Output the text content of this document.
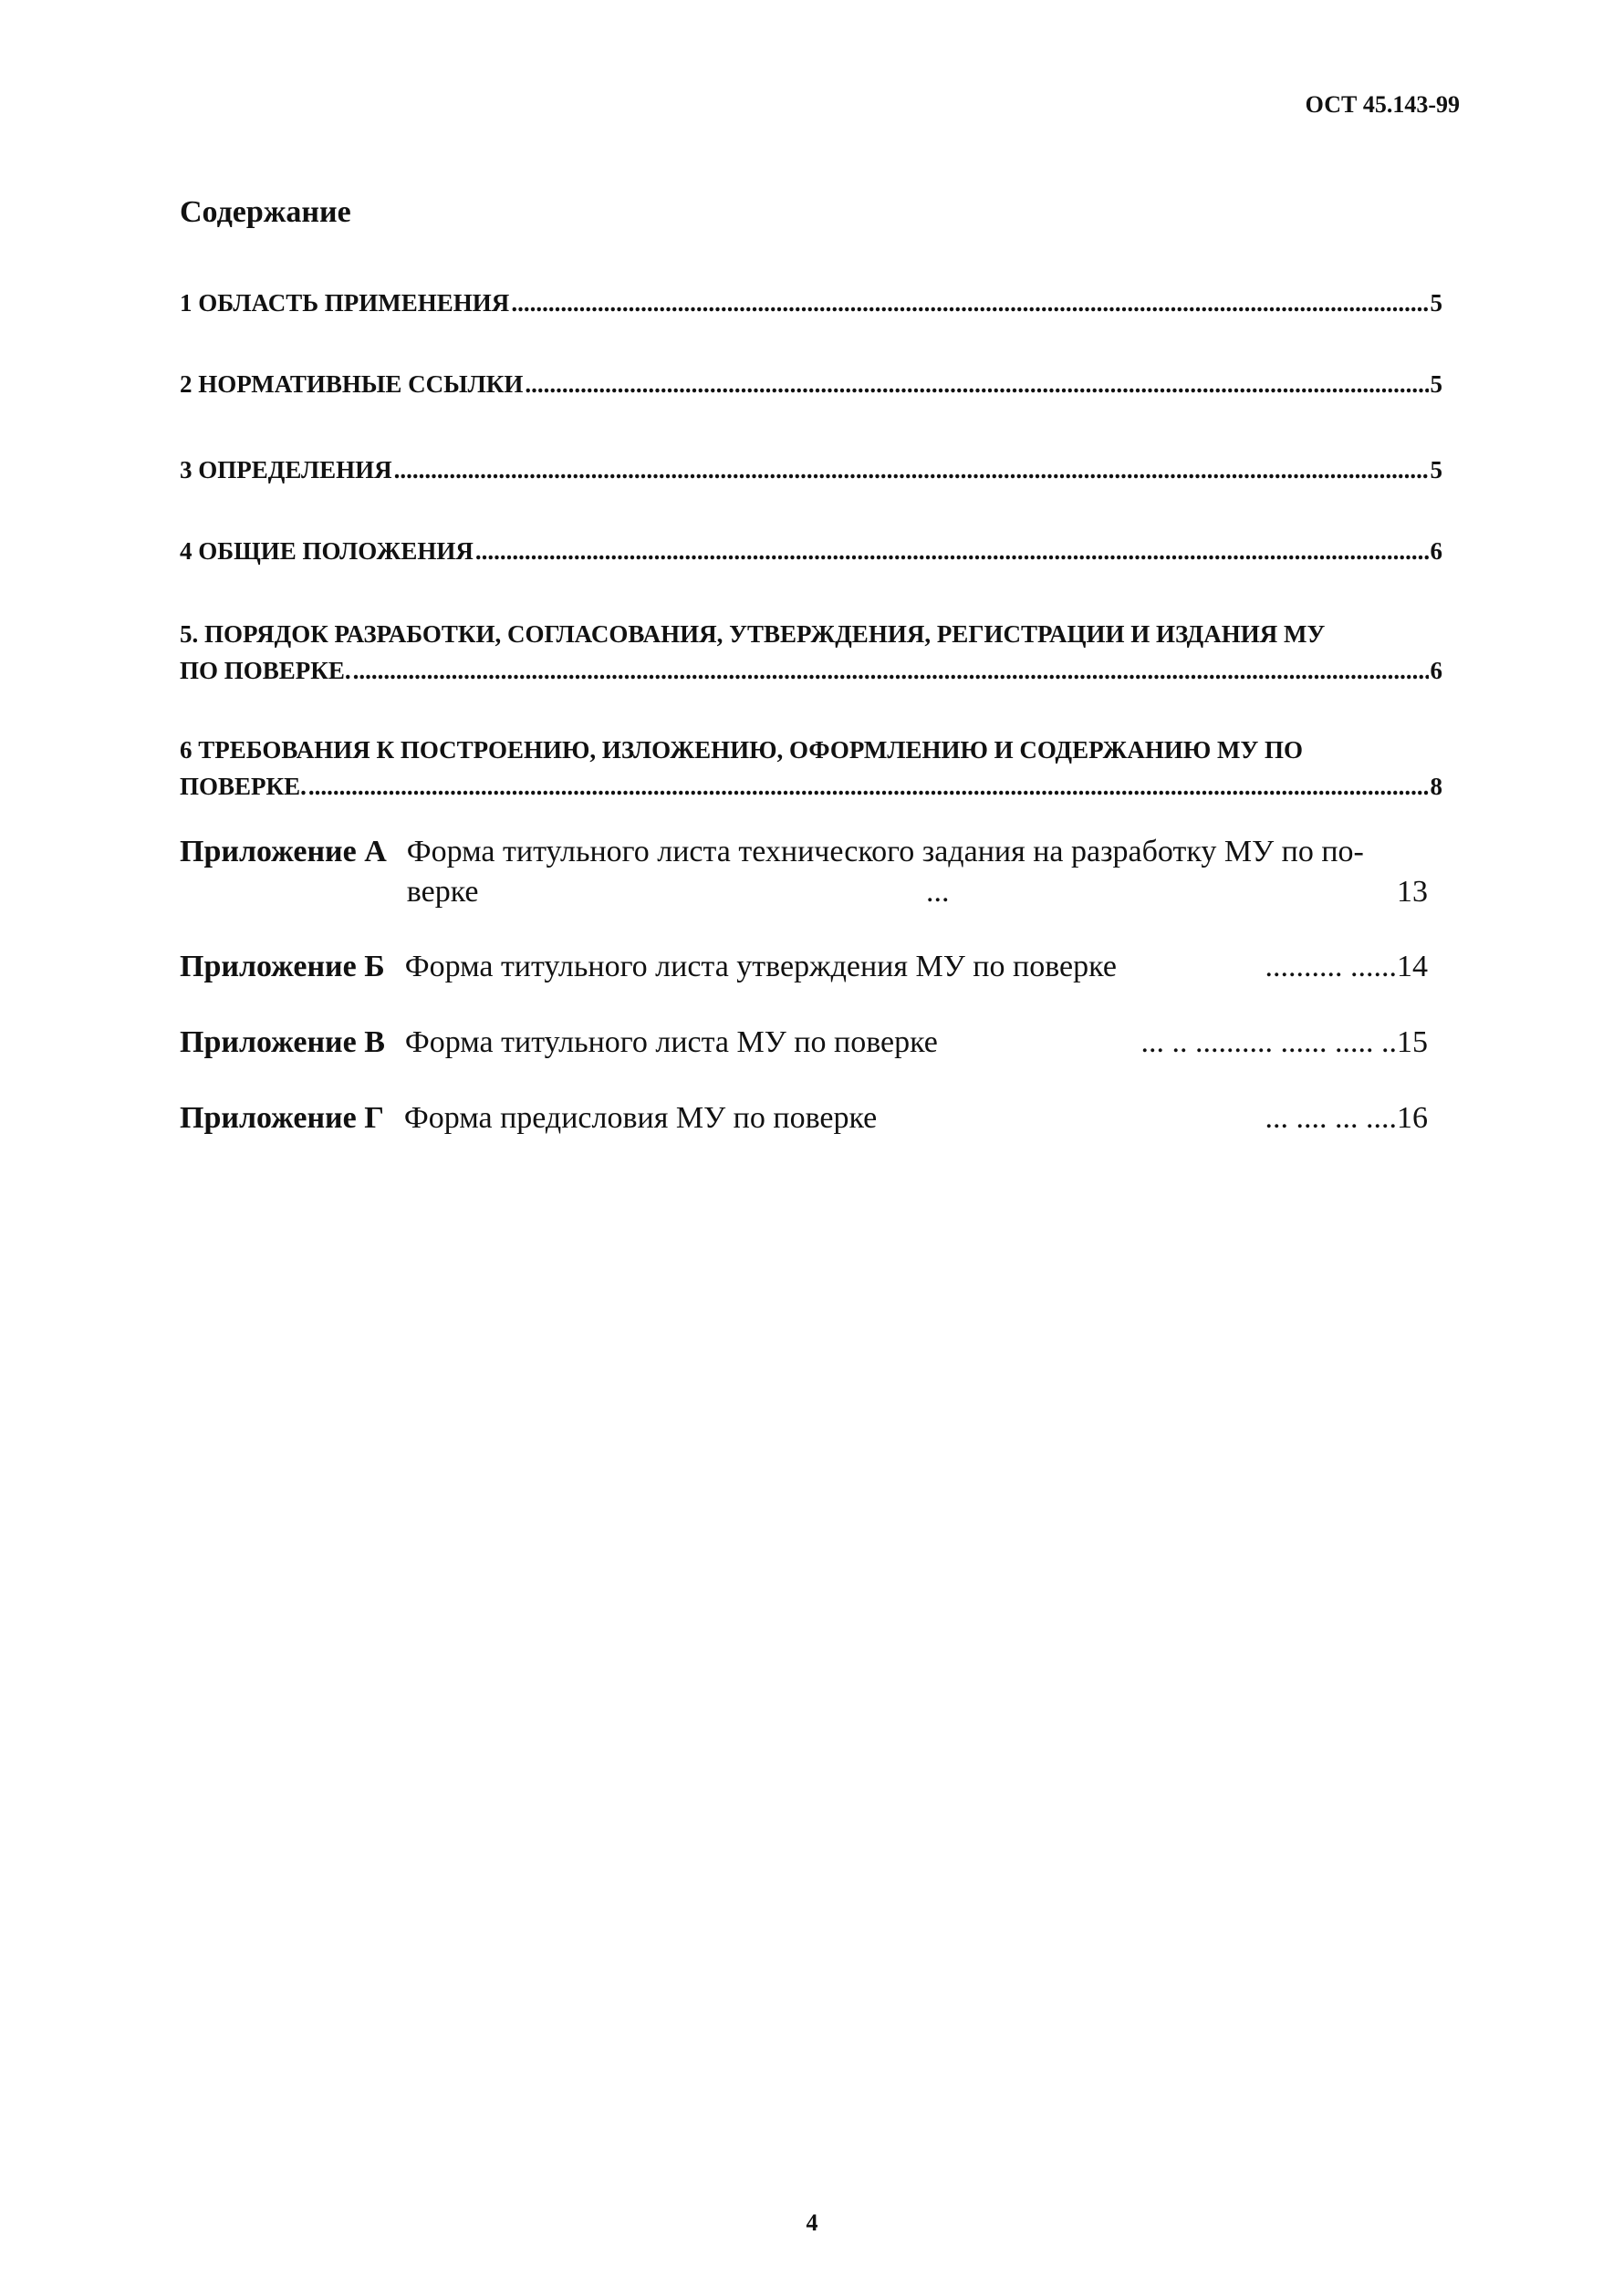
ОСТ 45.143-99
Содержание
1 ОБЛАСТЬ ПРИМЕНЕНИЯ .....	5
2 НОРМАТИВНЫЕ ССЫЛКИ .....	5
3 ОПРЕДЕЛЕНИЯ .....	5
4 ОБЩИЕ ПОЛОЖЕНИЯ .....	6
5. ПОРЯДОК РАЗРАБОТКИ, СОГЛАСОВАНИЯ, УТВЕРЖДЕНИЯ, РЕГИСТРАЦИИ И ИЗДАНИЯ МУ
ПО ПОВЕРКЕ. .....	6
6 ТРЕБОВАНИЯ К ПОСТРОЕНИЮ, ИЗЛОЖЕНИЮ, ОФОРМЛЕНИЮ И СОДЕРЖАНИЮ МУ ПО
ПОВЕРКЕ. .....	8
Приложение А Форма титульного листа технического задания на разработку МУ по по-
верке	...	13
Приложение Б Форма титульного листа утверждения МУ по поверке	.......... ......14
Приложение В Форма титульного листа МУ по поверке	... .. .......... ...... ..... ..15
Приложение Г Форма предисловия МУ по поверке	... .... ... ....16
4
